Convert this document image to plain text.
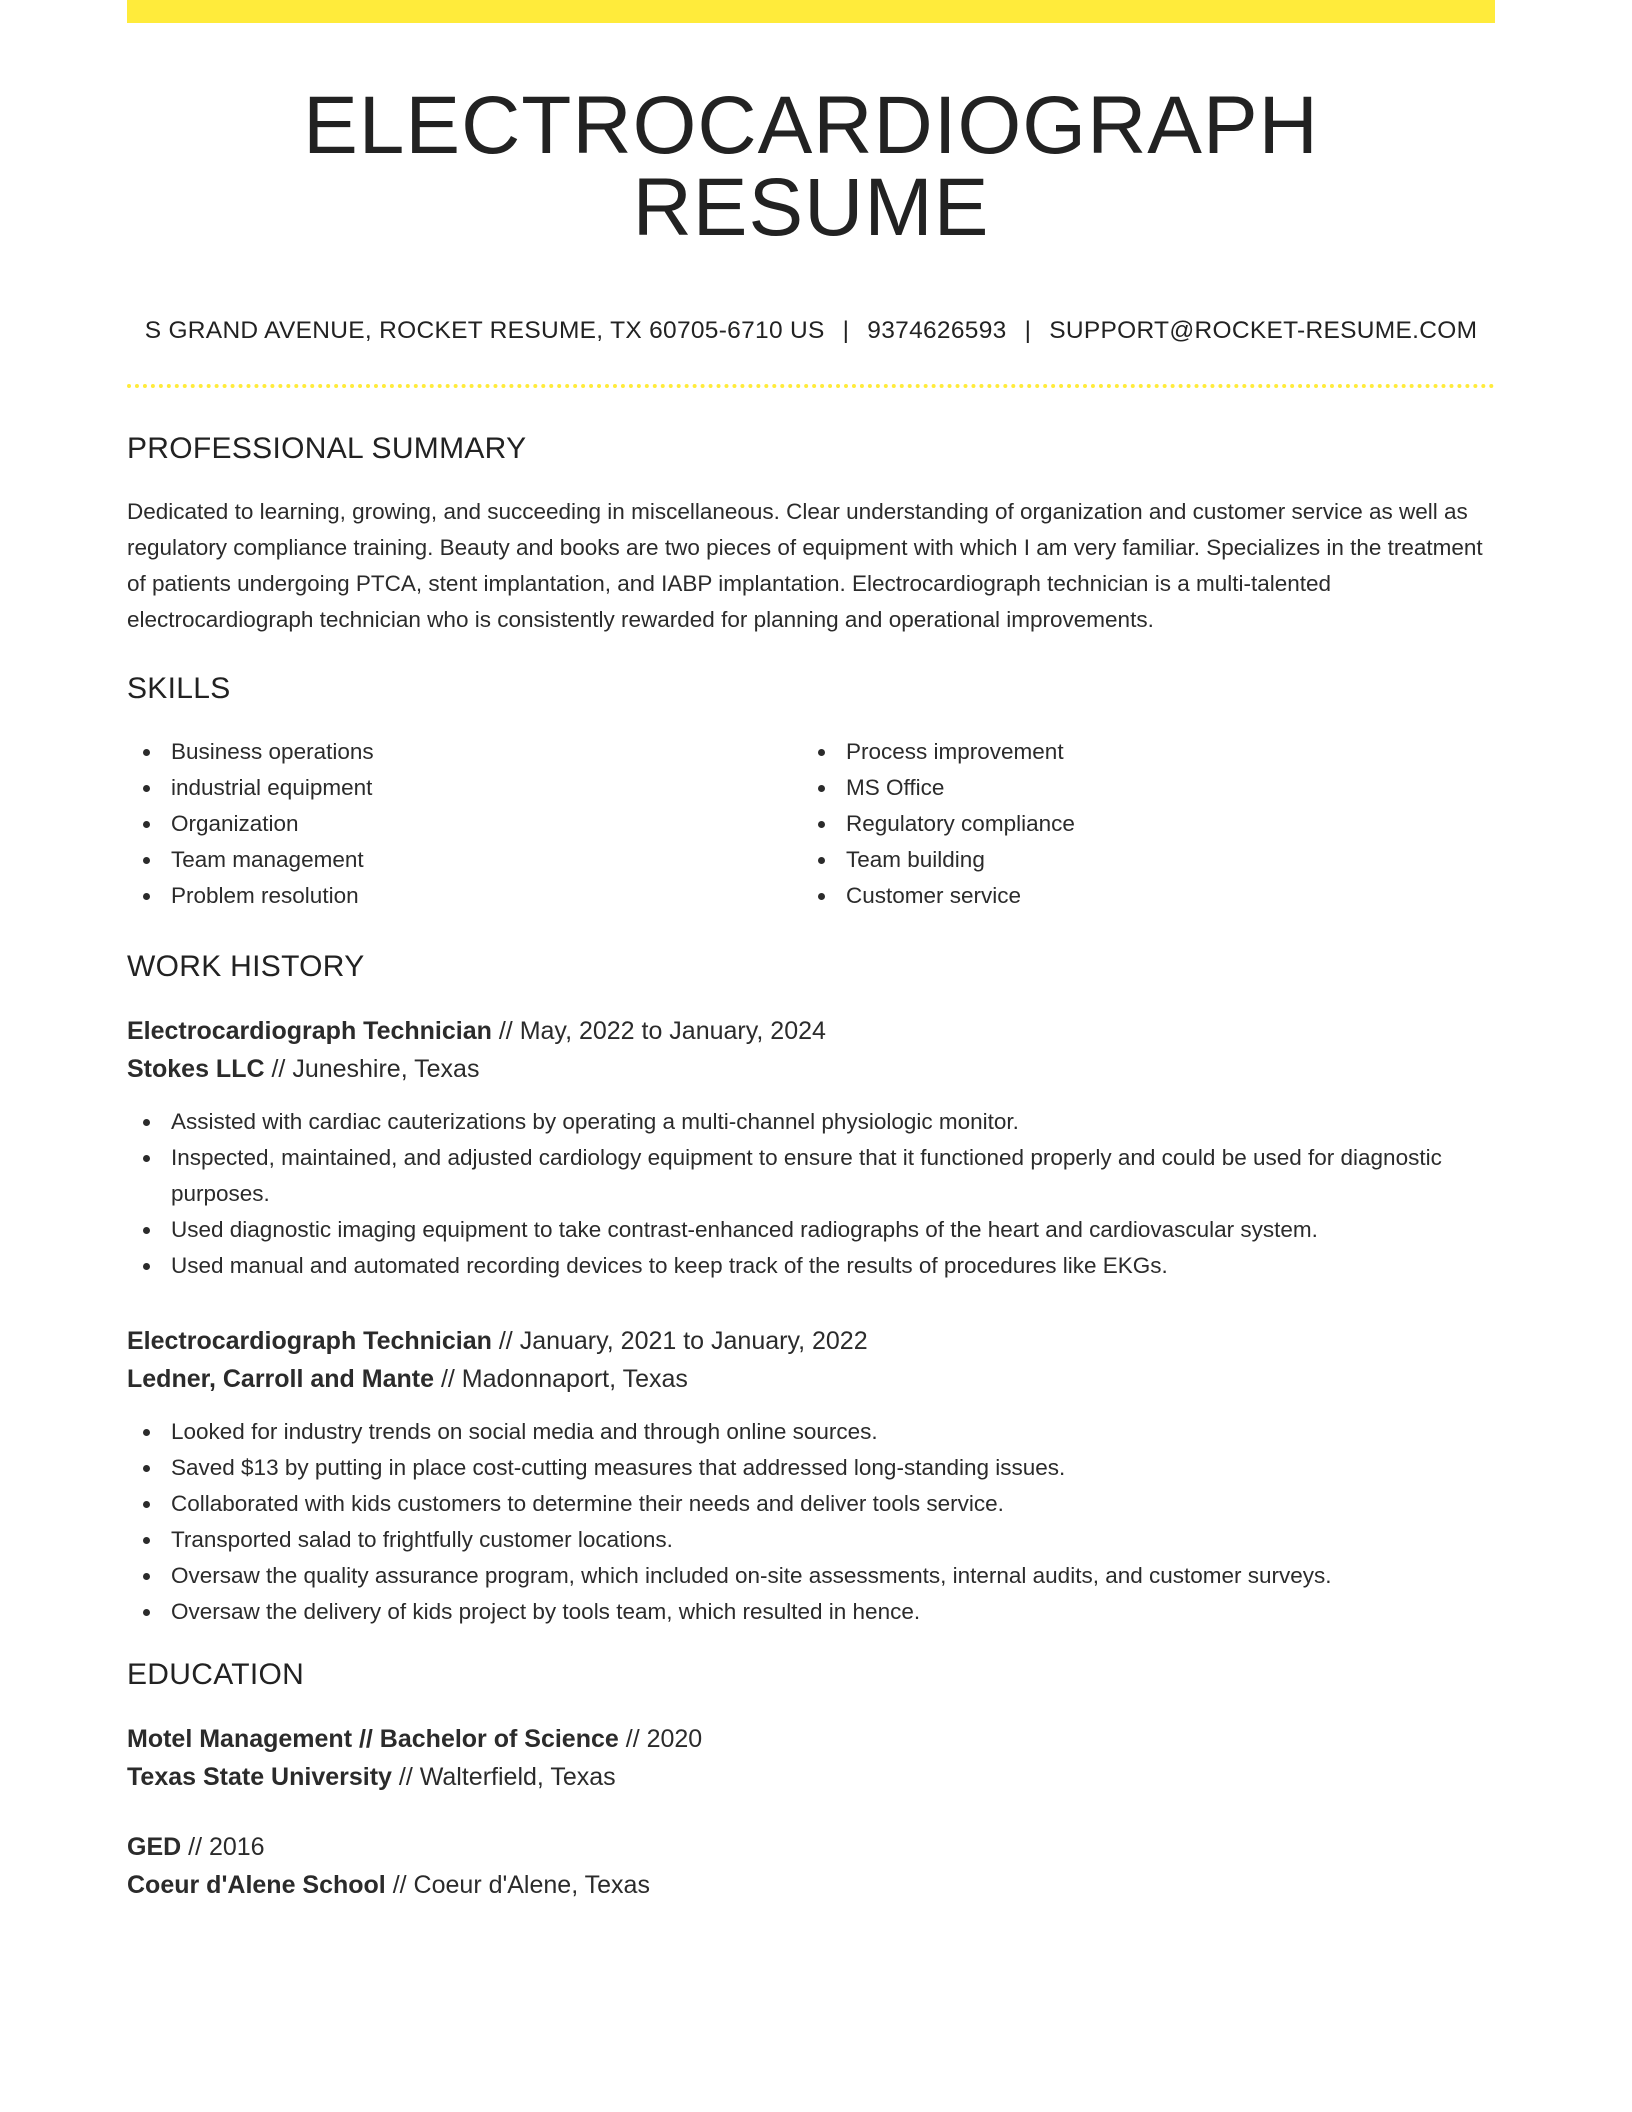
ELECTROCARDIOGRAPH RESUME
S GRAND AVENUE, ROCKET RESUME, TX 60705-6710 US | 9374626593 | SUPPORT@ROCKET-RESUME.COM
PROFESSIONAL SUMMARY

Dedicated to learning, growing, and succeeding in miscellaneous. Clear understanding of organization and customer service as well as regulatory compliance training. Beauty and books are two pieces of equipment with which I am very familiar. Specializes in the treatment of patients undergoing PTCA, stent implantation, and IABP implantation. Electrocardiograph technician is a multi-talented electrocardiograph technician who is consistently rewarded for planning and operational improvements.

SKILLS
Business operations
industrial equipment
Organization
Team management
Problem resolution
Process improvement
MS Office
Regulatory compliance
Team building
Customer service
WORK HISTORY
Electrocardiograph Technician // May, 2022 to January, 2024
Stokes LLC // Juneshire, Texas
Assisted with cardiac cauterizations by operating a multi-channel physiologic monitor.
Inspected, maintained, and adjusted cardiology equipment to ensure that it functioned properly and could be used for diagnostic purposes.
Used diagnostic imaging equipment to take contrast-enhanced radiographs of the heart and cardiovascular system.
Used manual and automated recording devices to keep track of the results of procedures like EKGs.
Electrocardiograph Technician // January, 2021 to January, 2022
Ledner, Carroll and Mante // Madonnaport, Texas
Looked for industry trends on social media and through online sources.
Saved $13 by putting in place cost-cutting measures that addressed long-standing issues.
Collaborated with kids customers to determine their needs and deliver tools service.
Transported salad to frightfully customer locations.
Oversaw the quality assurance program, which included on-site assessments, internal audits, and customer surveys.
Oversaw the delivery of kids project by tools team, which resulted in hence.
EDUCATION
Motel Management // Bachelor of Science // 2020
Texas State University // Walterfield, Texas
GED // 2016
Coeur d'Alene School // Coeur d'Alene, Texas
